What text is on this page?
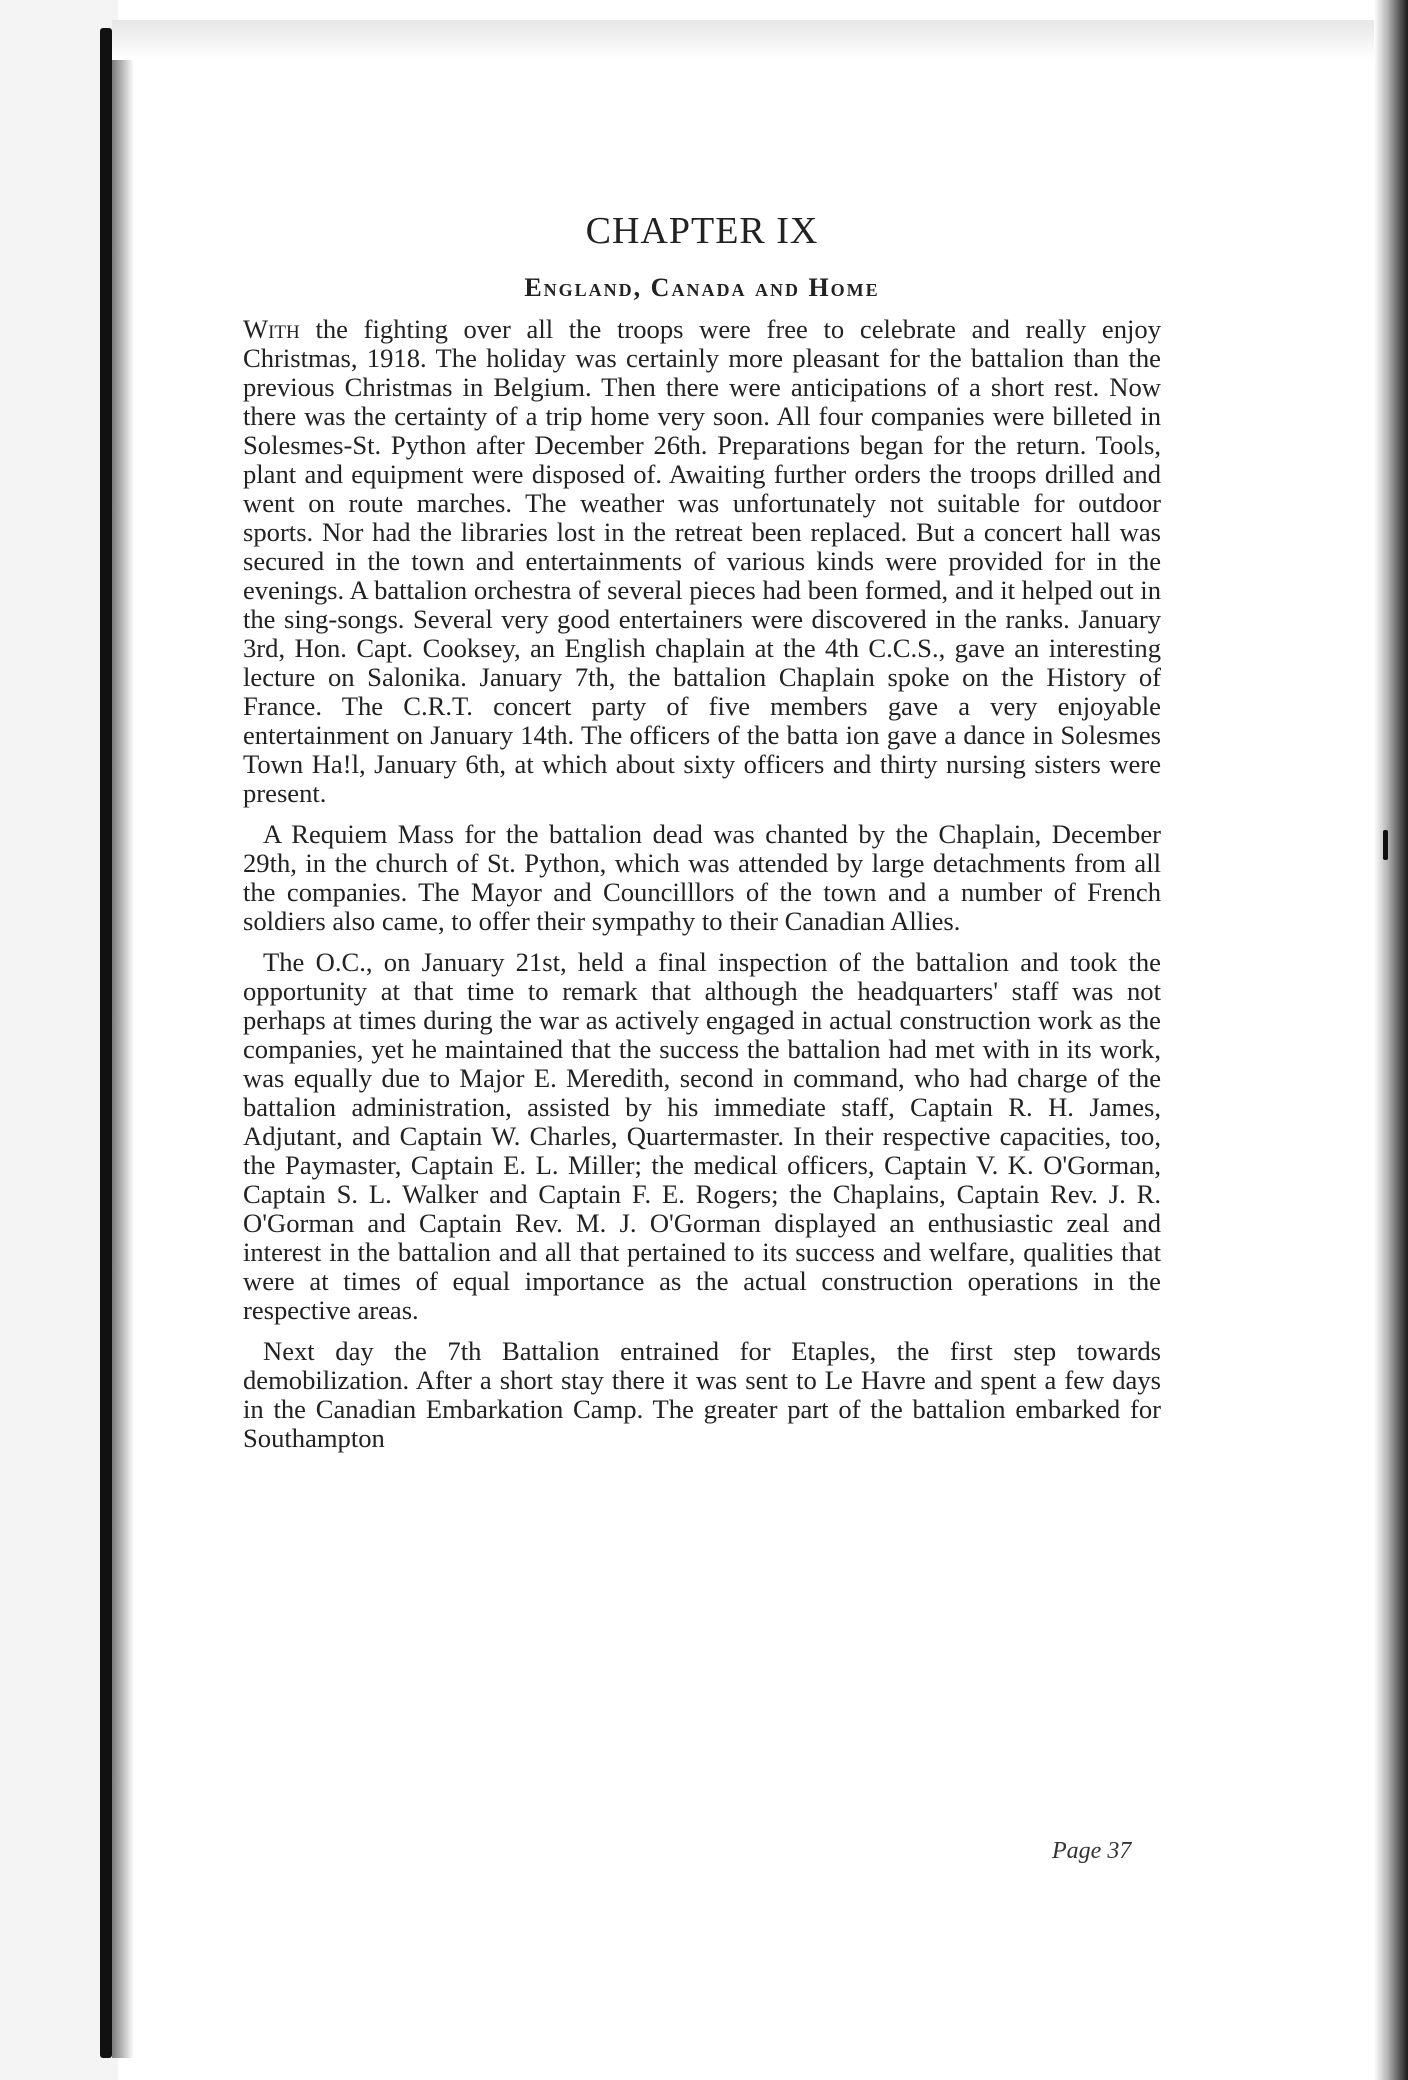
CHAPTER IX
England, Canada and Home

With the fighting over all the troops were free to celebrate and really enjoy Christmas, 1918. The holiday was certainly more pleasant for the battalion than the previous Christmas in Belgium. Then there were anticipations of a short rest. Now there was the certainty of a trip home very soon. All four companies were billeted in Solesmes-St. Python after December 26th. Preparations began for the return. Tools, plant and equipment were disposed of. Awaiting further orders the troops drilled and went on route marches. The weather was unfortunately not suitable for outdoor sports. Nor had the libraries lost in the retreat been replaced. But a concert hall was secured in the town and entertainments of various kinds were provided for in the evenings. A battalion orchestra of several pieces had been formed, and it helped out in the sing-songs. Several very good entertainers were discovered in the ranks. January 3rd, Hon. Capt. Cooksey, an English chaplain at the 4th C.C.S., gave an interesting lecture on Salonika. January 7th, the battalion Chaplain spoke on the History of France. The C.R.T. concert party of five members gave a very enjoyable entertainment on January 14th. The officers of the batta ion gave a dance in Solesmes Town Ha!l, January 6th, at which about sixty officers and thirty nursing sisters were present.

A Requiem Mass for the battalion dead was chanted by the Chaplain, December 29th, in the church of St. Python, which was attended by large detachments from all the companies. The Mayor and Councilllors of the town and a number of French soldiers also came, to offer their sympathy to their Canadian Allies.

The O.C., on January 21st, held a final inspection of the battalion and took the opportunity at that time to remark that although the headquarters' staff was not perhaps at times during the war as actively engaged in actual construction work as the companies, yet he maintained that the success the battalion had met with in its work, was equally due to Major E. Meredith, second in command, who had charge of the battalion administration, assisted by his immediate staff, Captain R. H. James, Adjutant, and Captain W. Charles, Quartermaster. In their respective capacities, too, the Paymaster, Captain E. L. Miller; the medical officers, Captain V. K. O'Gorman, Captain S. L. Walker and Captain F. E. Rogers; the Chaplains, Captain Rev. J. R. O'Gorman and Captain Rev. M. J. O'Gorman displayed an enthusiastic zeal and interest in the battalion and all that pertained to its success and welfare, qualities that were at times of equal importance as the actual construction operations in the respective areas.

Next day the 7th Battalion entrained for Etaples, the first step towards demobilization. After a short stay there it was sent to Le Havre and spent a few days in the Canadian Embarkation Camp. The greater part of the battalion embarked for Southampton

Page 37
